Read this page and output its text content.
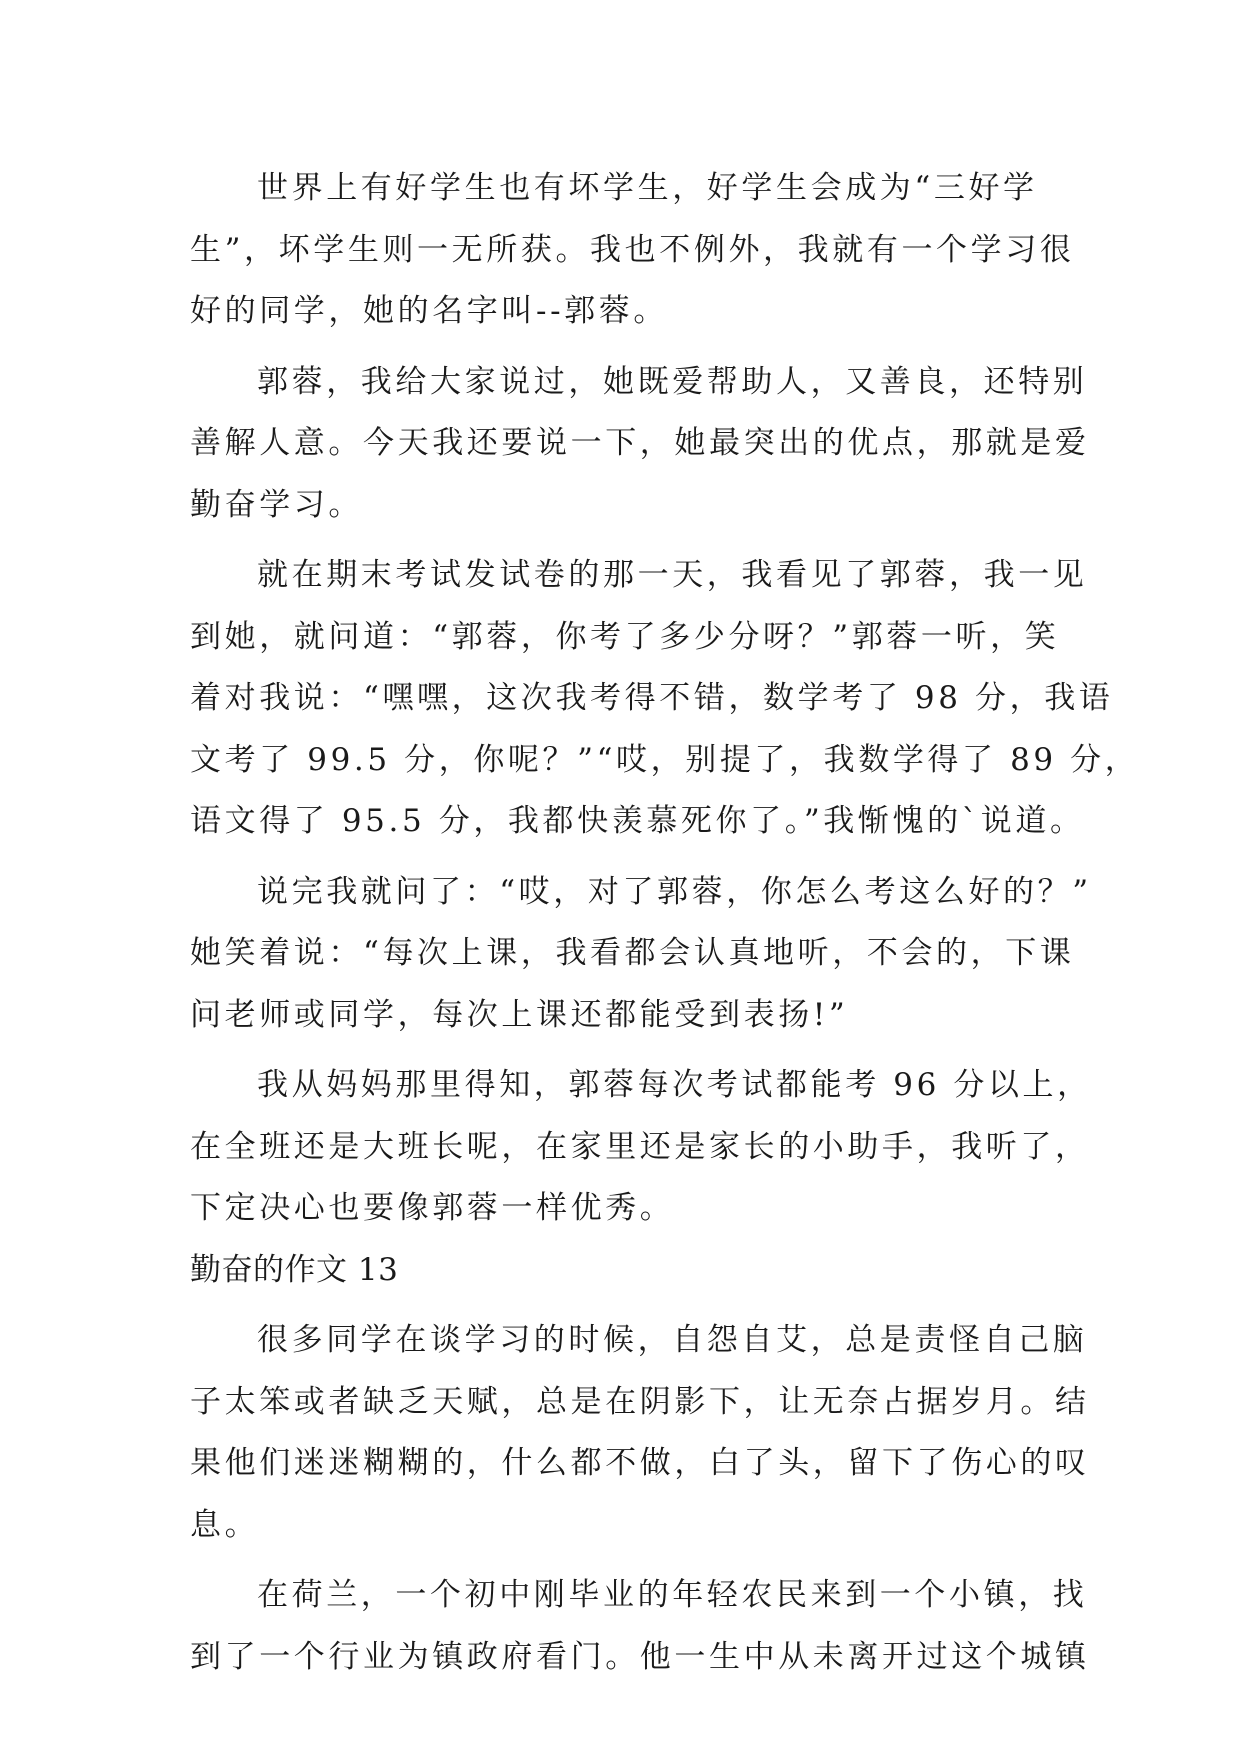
世界上有好学生也有坏学生，好学生会成为“三好学
生”，坏学生则一无所获。我也不例外，我就有一个学习很
好的同学，她的名字叫--郭蓉。
郭蓉，我给大家说过，她既爱帮助人，又善良，还特别
善解人意。今天我还要说一下，她最突出的优点，那就是爱
勤奋学习。
就在期末考试发试卷的那一天，我看见了郭蓉，我一见
到她，就问道：“郭蓉，你考了多少分呀？”郭蓉一听，笑
着对我说：“嘿嘿，这次我考得不错，数学考了 98 分，我语
文考了 99.5 分，你呢？”“哎，别提了，我数学得了 89 分，
语文得了 95.5 分，我都快羡慕死你了。”我惭愧的`说道。
说完我就问了：“哎，对了郭蓉，你怎么考这么好的？”
她笑着说：“每次上课，我看都会认真地听，不会的，下课
问老师或同学，每次上课还都能受到表扬!”
我从妈妈那里得知，郭蓉每次考试都能考 96 分以上，
在全班还是大班长呢，在家里还是家长的小助手，我听了，
下定决心也要像郭蓉一样优秀。
勤奋的作文 13
很多同学在谈学习的时候，自怨自艾，总是责怪自己脑
子太笨或者缺乏天赋，总是在阴影下，让无奈占据岁月。结
果他们迷迷糊糊的，什么都不做，白了头，留下了伤心的叹
息。
在荷兰，一个初中刚毕业的年轻农民来到一个小镇，找
到了一个行业为镇政府看门。他一生中从未离开过这个城镇
